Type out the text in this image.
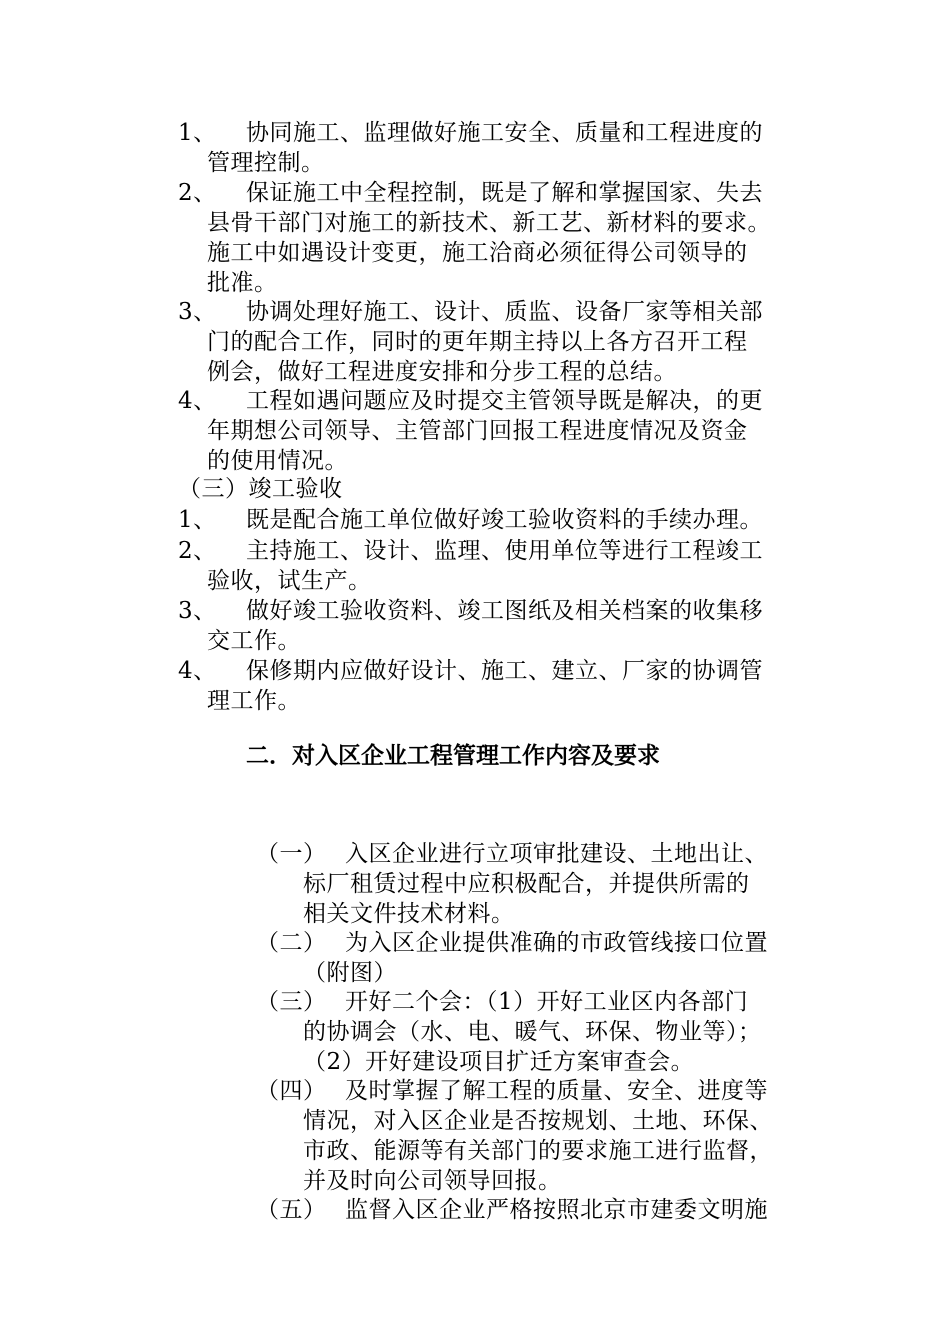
1、 协同施工、监理做好施工安全、质量和工程进度的
管理控制。
2、 保证施工中全程控制，既是了解和掌握国家、失去
县骨干部门对施工的新技术、新工艺、新材料的要求。
施工中如遇设计变更，施工洽商必须征得公司领导的
批准。
3、 协调处理好施工、设计、质监、设备厂家等相关部
门的配合工作，同时的更年期主持以上各方召开工程
例会，做好工程进度安排和分步工程的总结。
4、 工程如遇问题应及时提交主管领导既是解决，的更
年期想公司领导、主管部门回报工程进度情况及资金
的使用情况。
（三）竣工验收
1、 既是配合施工单位做好竣工验收资料的手续办理。
2、 主持施工、设计、监理、使用单位等进行工程竣工
验收，试生产。
3、 做好竣工验收资料、竣工图纸及相关档案的收集移
交工作。
4、 保修期内应做好设计、施工、建立、厂家的协调管
理工作。
二．对入区企业工程管理工作内容及要求
（一） 入区企业进行立项审批建设、土地出让、
标厂租赁过程中应积极配合，并提供所需的
相关文件技术材料。
（二） 为入区企业提供准确的市政管线接口位置
（附图）
（三） 开好二个会：（1）开好工业区内各部门
的协调会（水、电、暖气、环保、物业等）；
（2）开好建设项目扩迁方案审查会。
（四） 及时掌握了解工程的质量、安全、进度等
情况，对入区企业是否按规划、土地、环保、
市政、能源等有关部门的要求施工进行监督，
并及时向公司领导回报。
（五） 监督入区企业严格按照北京市建委文明施
